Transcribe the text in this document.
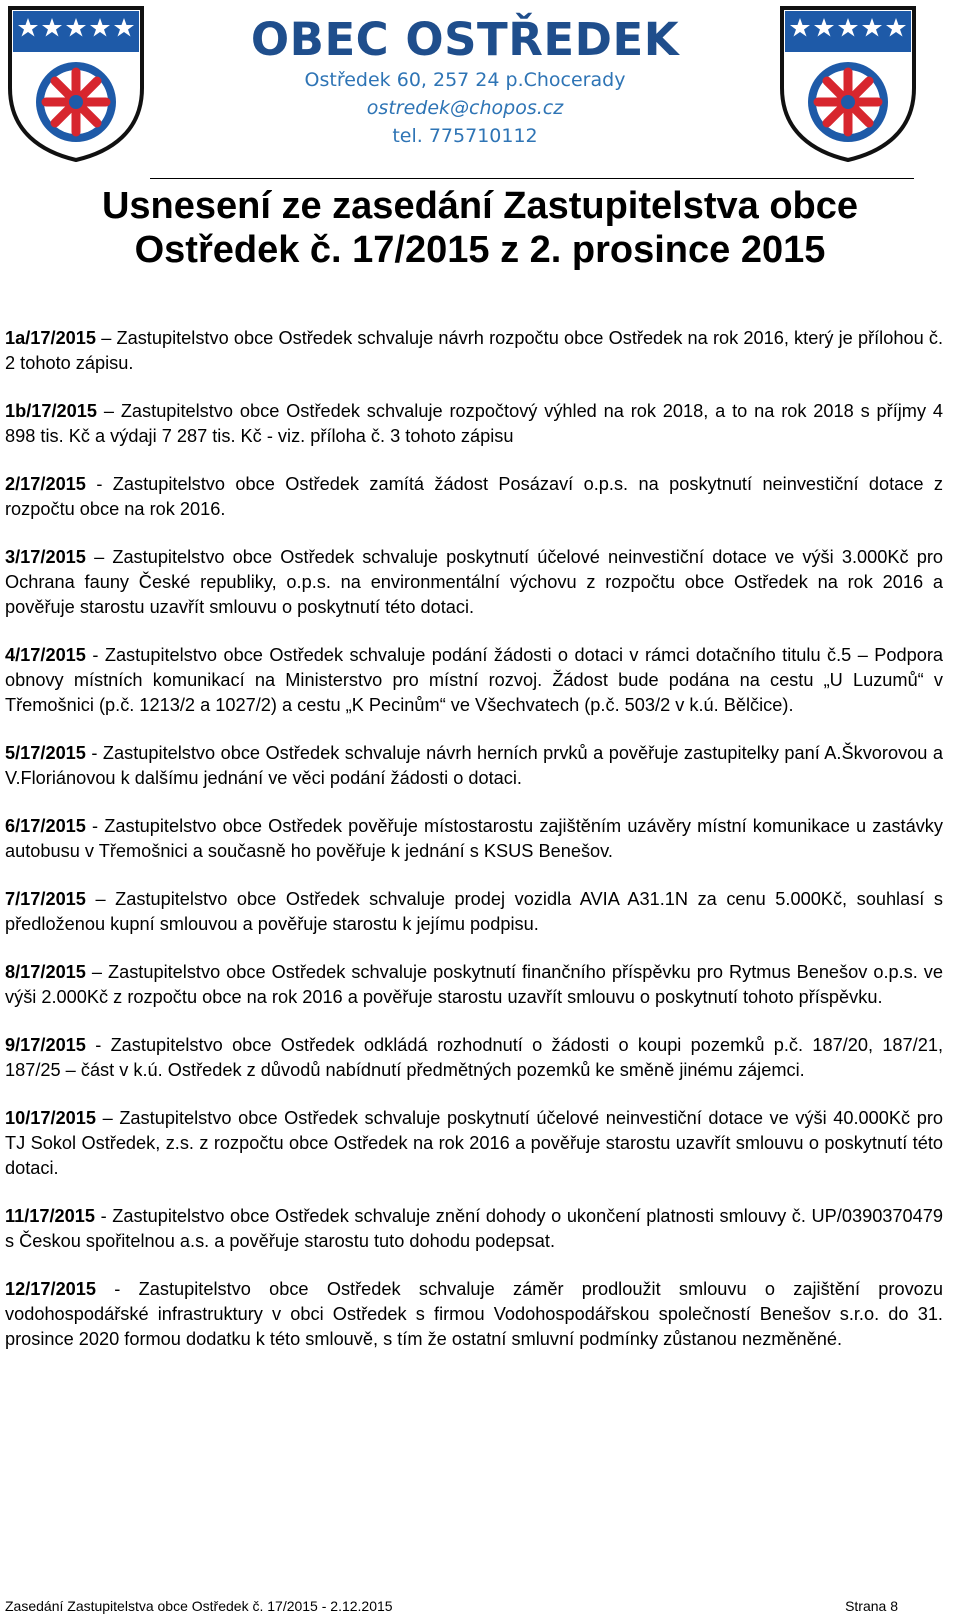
OBEC OSTŘEDEK
Ostředek 60, 257 24 p.Chocerady
ostredek@chopos.cz
tel. 775710112
Usnesení ze zasedání Zastupitelstva obce
Ostředek č. 17/2015 z 2. prosince 2015

1a/17/2015 – Zastupitelstvo obce Ostředek schvaluje návrh rozpočtu obce Ostředek na rok 2016, který je přílohou č. 2 tohoto zápisu.

1b/17/2015 – Zastupitelstvo obce Ostředek schvaluje rozpočtový výhled na rok 2018, a to na rok 2018 s příjmy 4 898 tis. Kč a výdaji 7 287 tis. Kč - viz. příloha č. 3 tohoto zápisu

2/17/2015 - Zastupitelstvo obce Ostředek zamítá žádost Posázaví o.p.s. na poskytnutí neinvestiční dotace z rozpočtu obce na rok 2016.

3/17/2015 – Zastupitelstvo obce Ostředek schvaluje poskytnutí účelové neinvestiční dotace ve výši 3.000Kč pro Ochrana fauny České republiky, o.p.s. na environmentální výchovu z rozpočtu obce Ostředek na rok 2016 a pověřuje starostu uzavřít smlouvu o poskytnutí této dotaci.

4/17/2015 - Zastupitelstvo obce Ostředek schvaluje podání žádosti o dotaci v rámci dotačního titulu č.5 – Podpora obnovy místních komunikací na Ministerstvo pro místní rozvoj. Žádost bude podána na cestu „U Luzumů“ v Třemošnici (p.č. 1213/2 a 1027/2) a cestu „K Pecinům“ ve Všechvatech (p.č. 503/2 v k.ú. Bělčice).

5/17/2015 - Zastupitelstvo obce Ostředek schvaluje návrh herních prvků a pověřuje zastupitelky paní A.Škvorovou a V.Floriánovou k dalšímu jednání ve věci podání žádosti o dotaci.

6/17/2015 - Zastupitelstvo obce Ostředek pověřuje místostarostu zajištěním uzávěry místní komunikace u zastávky autobusu v Třemošnici a současně ho pověřuje k jednání s KSUS Benešov.

7/17/2015 – Zastupitelstvo obce Ostředek schvaluje prodej vozidla AVIA A31.1N za cenu 5.000Kč, souhlasí s předloženou kupní smlouvou a pověřuje starostu k jejímu podpisu.

8/17/2015 – Zastupitelstvo obce Ostředek schvaluje poskytnutí finančního příspěvku pro Rytmus Benešov o.p.s. ve výši 2.000Kč z rozpočtu obce na rok 2016 a pověřuje starostu uzavřít smlouvu o poskytnutí tohoto příspěvku.

9/17/2015 - Zastupitelstvo obce Ostředek odkládá rozhodnutí o žádosti o koupi pozemků p.č. 187/20, 187/21, 187/25 – část v k.ú. Ostředek z důvodů nabídnutí předmětných pozemků ke směně jinému zájemci.

10/17/2015 – Zastupitelstvo obce Ostředek schvaluje poskytnutí účelové neinvestiční dotace ve výši 40.000Kč pro TJ Sokol Ostředek, z.s. z rozpočtu obce Ostředek na rok 2016 a pověřuje starostu uzavřít smlouvu o poskytnutí této dotaci.

11/17/2015 - Zastupitelstvo obce Ostředek schvaluje znění dohody o ukončení platnosti smlouvy č. UP/0390370479 s Českou spořitelnou a.s. a pověřuje starostu tuto dohodu podepsat.

12/17/2015 - Zastupitelstvo obce Ostředek schvaluje záměr prodloužit smlouvu o zajištění provozu vodohospodářské infrastruktury v obci Ostředek s firmou Vodohospodářskou společností Benešov s.r.o. do 31. prosince 2020 formou dodatku k této smlouvě, s tím že ostatní smluvní podmínky zůstanou nezměněné.

Zasedání Zastupitelstva obce Ostředek č. 17/2015 - 2.12.2015	Strana 8
